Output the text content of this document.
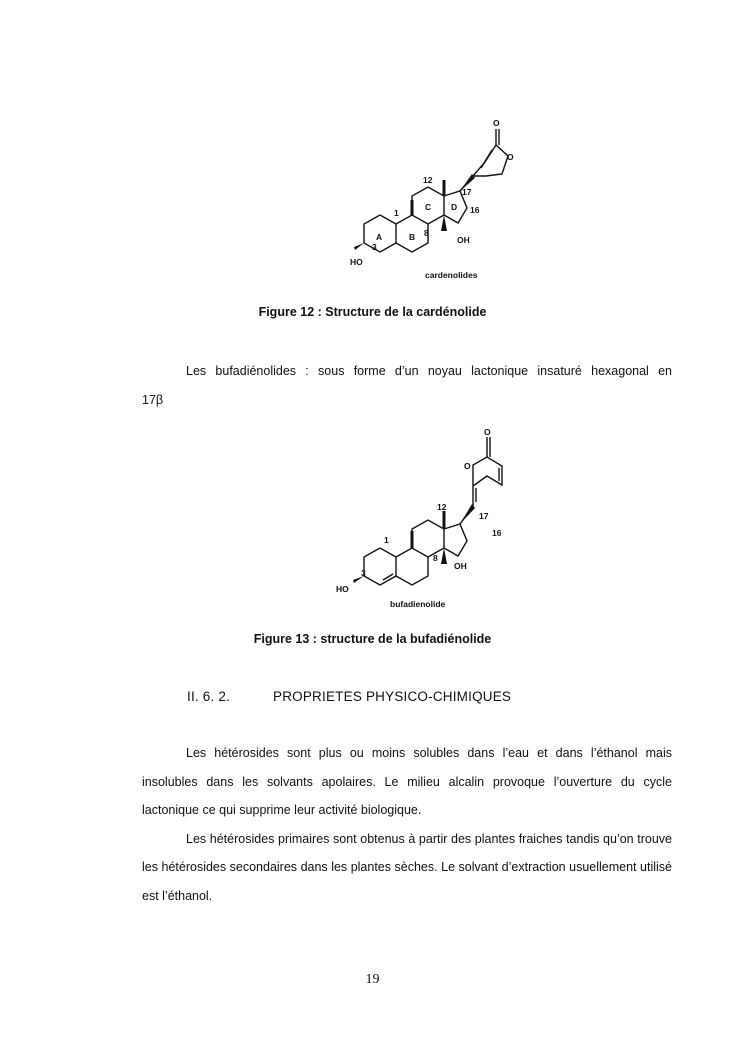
O
O
12
17
16
1
3
8
A	B
C D
HO
OH
cardenolides
Figure 12 : Structure de la cardénolide

Les bufadiénolides : sous forme d’un noyau lactonique insaturé hexagonal en

17β
O
O
12
17
16
1
3
8
HO
OH
bufadienolide
Figure 13 : structure de la bufadiénolide
II. 6. 2.	PROPRIETES PHYSICO-CHIMIQUES

Les hétérosides sont plus ou moins solubles dans l’eau et dans l’éthanol mais insolubles dans les solvants apolaires. Le milieu alcalin provoque l’ouverture du cycle lactonique ce qui supprime leur activité biologique.

Les hétérosides primaires sont obtenus à partir des plantes fraiches tandis qu’on trouve les hétérosides secondaires dans les plantes sèches. Le solvant d’extraction usuellement utilisé est l’éthanol.

19
